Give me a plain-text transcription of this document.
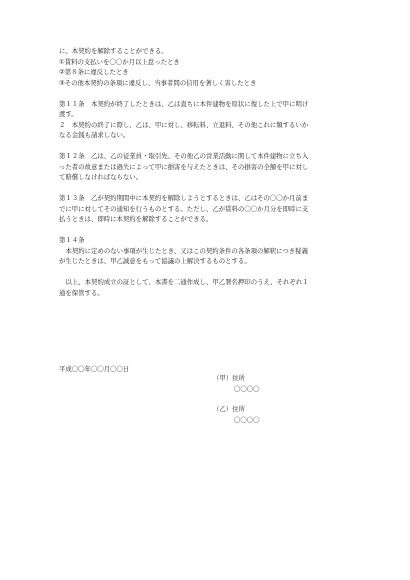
に、本契約を解除することができる。
①賃料の支払いを〇〇か月以上怠ったとき
②第８条に違反したとき
③その他本契約の条項に違反し、当事者間の信用を著しく害したとき
第１１条　本契約が終了したときは、乙は直ちに本件建物を原状に復した上で甲に明け
渡す。
２　本契約の終了に際し、乙は、甲に対し、移転料、立退料、その他これに類するいか
なる金銭も請求しない。
第１２条　乙は、乙の従業員・取引先、その他乙の営業活動に関して本件建物に立ち入
った者の故意または過失によって甲に損害を与えたときは、その損害の全額を甲に対し
て賠償しなければならない。
第１３条　乙が契約期間中に本契約を解除しようとするときは、乙はその〇〇か月前ま
でに甲に対してその通知を行うものとする。ただし、乙が賃料の〇〇か月分を即時に支
払うときは、即時に本契約を解除することができる。
第１４条
本契約に定めのない事項が生じたとき、又はこの契約条件の各条項の解釈につき疑義
が生じたときは、甲乙誠意をもって協議の上解決するものとする。
以上、本契約成立の証として、本書を二通作成し、甲乙署名押印のうえ、それぞれ１
通を保管する。
平成〇〇年〇〇月〇〇日
（甲）住所
〇〇〇〇
（乙）住所
〇〇〇〇
